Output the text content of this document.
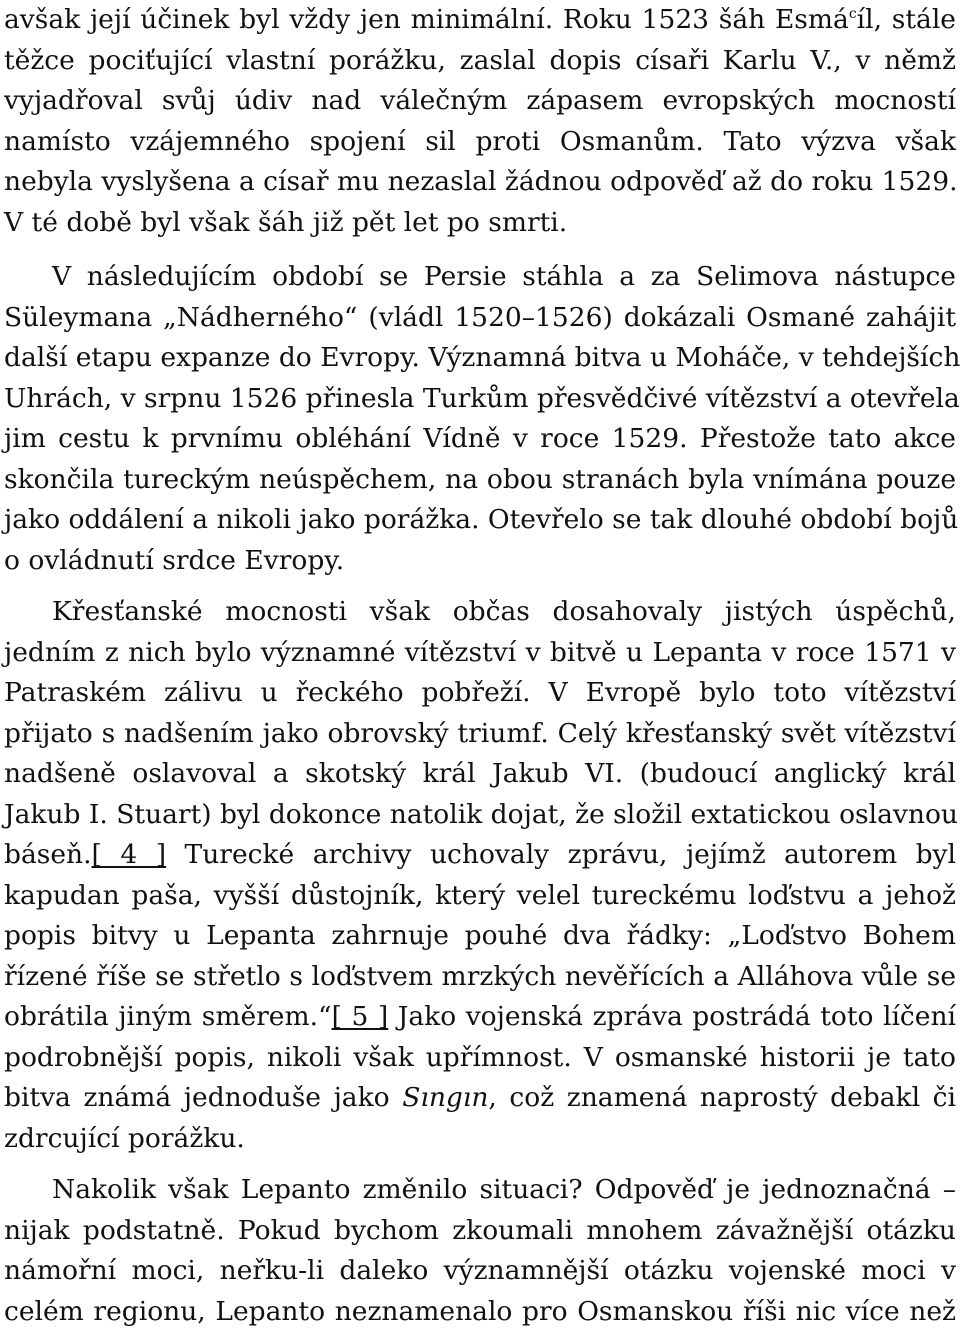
avšak její účinek byl vždy jen minimální. Roku 1523 šáh Esmá$^c$íl, stále
těžce pociťující vlastní porážku, zaslal dopis císaři Karlu V., v němž
vyjadřoval svůj údiv nad válečným zápasem evropských mocností
namísto vzájemného spojení sil proti Osmanům. Tato výzva však
nebyla vyslyšena a císař mu nezaslal žádnou odpověď až do roku 1529.
V té době byl však šáh již pět let po smrti.
V následujícím období se Persie stáhla a za Selimova nástupce
Süleymana „Nádherného“ (vládl 1520–1526) dokázali Osmané zahájit
další etapu expanze do Evropy. Významná bitva u Moháče, v tehdejších
Uhrách, v srpnu 1526 přinesla Turkům přesvědčivé vítězství a otevřela
jim cestu k prvnímu obléhání Vídně v roce 1529. Přestože tato akce
skončila tureckým neúspěchem, na obou stranách byla vnímána pouze
jako oddálení a nikoli jako porážka. Otevřelo se tak dlouhé období bojů
o ovládnutí srdce Evropy.
Křesťanské mocnosti však občas dosahovaly jistých úspěchů,
jedním z nich bylo významné vítězství v bitvě u Lepanta v roce 1571 v
Patraském zálivu u řeckého pobřeží. V Evropě bylo toto vítězství
přijato s nadšením jako obrovský triumf. Celý křesťanský svět vítězství
nadšeně oslavoval a skotský král Jakub VI. (budoucí anglický král
Jakub I. Stuart) byl dokonce natolik dojat, že složil extatickou oslavnou
báseň.[ 4 ] Turecké archivy uchovaly zprávu, jejímž autorem byl
kapudan paša, vyšší důstojník, který velel tureckému loďstvu a jehož
popis bitvy u Lepanta zahrnuje pouhé dva řádky: „Loďstvo Bohem
řízené říše se střetlo s loďstvem mrzkých nevěřících a Alláhova vůle se
obrátila jiným směrem.“[ 5 ] Jako vojenská zpráva postrádá toto líčení
podrobnější popis, nikoli však upřímnost. V osmanské historii je tato
bitva známá jednoduše jako Sıngın, což znamená naprostý debakl či
zdrcující porážku.
Nakolik však Lepanto změnilo situaci? Odpověď je jednoznačná –
nijak podstatně. Pokud bychom zkoumali mnohem závažnější otázku
námořní moci, neřku-li daleko významnější otázku vojenské moci v
celém regionu, Lepanto neznamenalo pro Osmanskou říši nic více než
